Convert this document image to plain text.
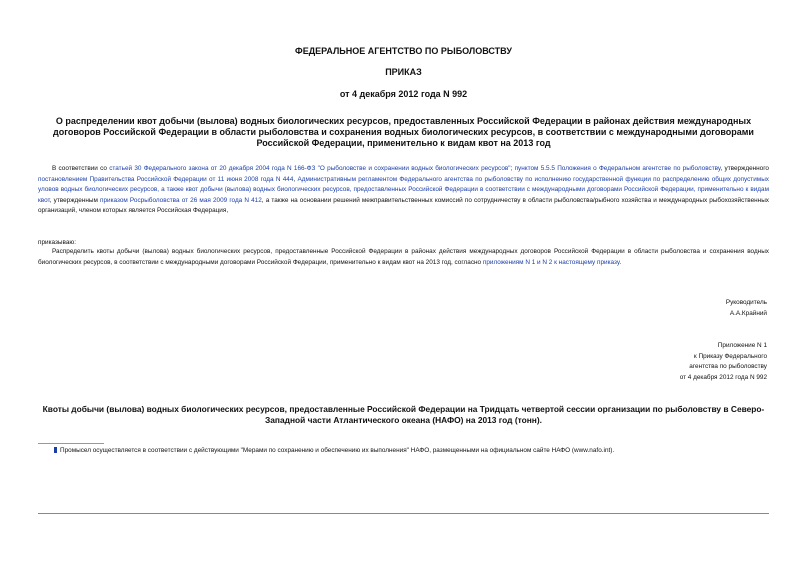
ФЕДЕРАЛЬНОЕ АГЕНТСТВО ПО РЫБОЛОВСТВУ
ПРИКАЗ
от 4 декабря 2012 года N 992
О распределении квот добычи (вылова) водных биологических ресурсов, предоставленных Российской Федерации в районах действия международных договоров Российской Федерации в области рыболовства и сохранения водных биологических ресурсов, в соответствии с международными договорами Российской Федерации, применительно к видам квот на 2013 год
В соответствии со статьей 30 Федерального закона от 20 декабря 2004 года N 166-ФЗ "О рыболовстве и сохранении водных биологических ресурсов"; пунктом 5.5.5 Положения о Федеральном агентстве по рыболовству, утвержденного постановлением Правительства Российской Федерации от 11 июня 2008 года N 444, Административным регламентом Федерального агентства по рыболовству по исполнению государственной функции по распределению общих допустимых уловов водных биологических ресурсов, а также квот добычи (вылова) водных биологических ресурсов, предоставленных Российской Федерации в соответствии с международными договорами Российской Федерации, применительно к видам квот, утвержденным приказом Росрыболовства от 26 мая 2009 года N 412, а также на основании решений межправительственных комиссий по сотрудничеству в области рыболовства/рыбного хозяйства и международных рыбохозяйственных организаций, членом которых является Российская Федерация,
приказываю:
Распределить квоты добычи (вылова) водных биологических ресурсов, предоставленные Российской Федерации в районах действия международных договоров Российской Федерации в области рыболовства и сохранения водных биологических ресурсов, в соответствии с международными договорами Российской Федерации, применительно к видам квот на 2013 год, согласно приложениям N 1 и N 2 к настоящему приказу.
Руководитель
А.А.Крайний
Приложение N 1
к Приказу Федерального
агентства по рыболовству
от 4 декабря 2012 года N 992
Квоты добычи (вылова) водных биологических ресурсов, предоставленные Российской Федерации на Тридцать четвертой сессии организации по рыболовству в Северо-Западной части Атлантического океана (НАФО) на 2013 год (тонн).
Промысел осуществляется в соответствии с действующими "Мерами по сохранению и обеспечению их выполнения" НАФО, размещенными на официальном сайте НАФО (www.nafo.int).
